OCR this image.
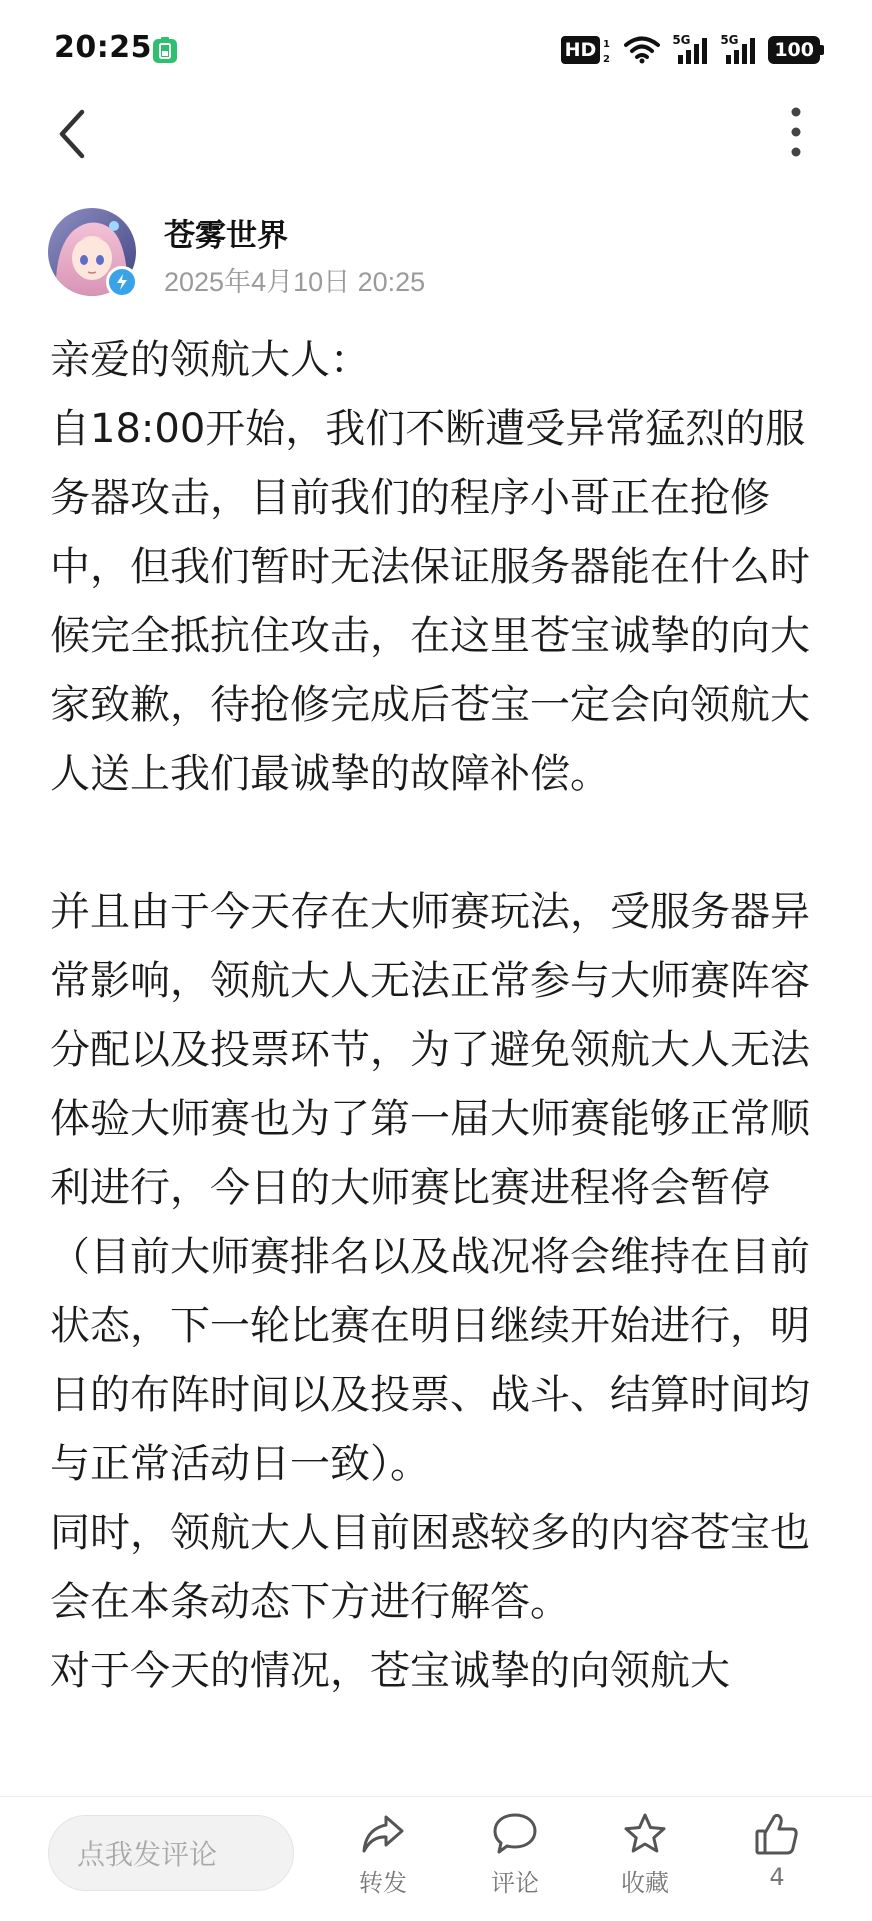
20:25	HD 1
2
5G 5G	100
苍雾世界
2025年4月10日 20:25

亲爱的领航大人：

自18:00开始，我们不断遭受异常猛烈的服务器攻击，目前我们的程序小哥正在抢修中，但我们暂时无法保证服务器能在什么时候完全抵抗住攻击，在这里苍宝诚挚的向大家致歉，待抢修完成后苍宝一定会向领航大人送上我们最诚挚的故障补偿。

并且由于今天存在大师赛玩法，受服务器异常影响，领航大人无法正常参与大师赛阵容分配以及投票环节，为了避免领航大人无法体验大师赛也为了第一届大师赛能够正常顺利进行，今日的大师赛比赛进程将会暂停（目前大师赛排名以及战况将会维持在目前状态，下一轮比赛在明日继续开始进行，明日的布阵时间以及投票、战斗、结算时间均与正常活动日一致）。

同时，领航大人目前困惑较多的内容苍宝也会在本条动态下方进行解答。

对于今天的情况，苍宝诚挚的向领航大

点我发评论
转发	评论	收藏	4
